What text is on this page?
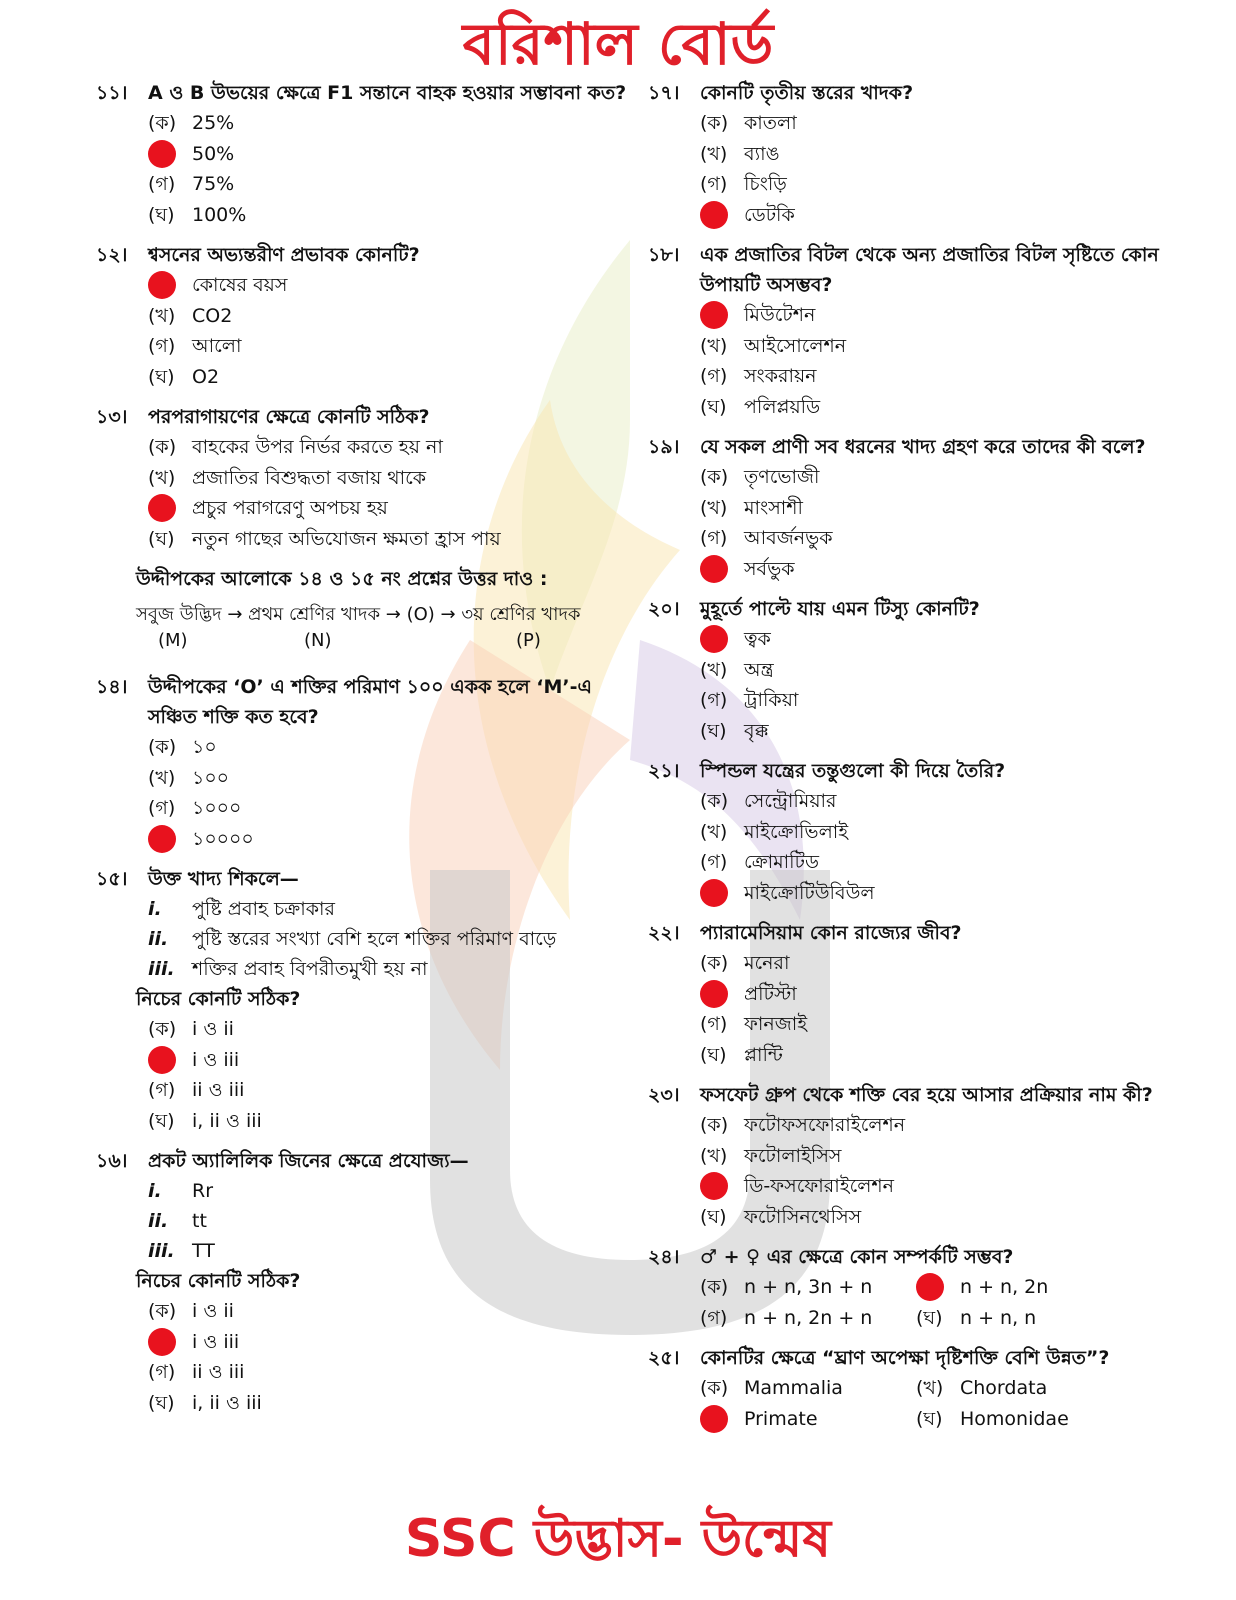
বরিশাল বোর্ড
১১।	A ও B উভয়ের ক্ষেত্রে F1 সন্তানে বাহক হওয়ার সম্ভাবনা কত?
(ক) 25%
50%
(গ) 75%
(ঘ) 100%
১২।	শ্বসনের অভ্যন্তরীণ প্রভাবক কোনটি?
কোষের বয়স
(খ) CO2
(গ) আলো
(ঘ) O2
১৩।	পরপরাগায়ণের ক্ষেত্রে কোনটি সঠিক?
(ক) বাহকের উপর নির্ভর করতে হয় না
(খ) প্রজাতির বিশুদ্ধতা বজায় থাকে
প্রচুর পরাগরেণু অপচয় হয়
(ঘ) নতুন গাছের অভিযোজন ক্ষমতা হ্রাস পায়
উদ্দীপকের আলোকে ১৪ ও ১৫ নং প্রশ্নের উত্তর দাও :
সবুজ উদ্ভিদ → প্রথম শ্রেণির খাদক → (O) → ৩য় শ্রেণির খাদক
(M)	(N)	(P)
১৪।	উদ্দীপকের ‘O’ এ শক্তির পরিমাণ ১০০ একক হলে ‘M’-এ সঞ্চিত শক্তি কত হবে?
(ক) ১০
(খ) ১০০
(গ) ১০০০
১০০০০
১৫।	উক্ত খাদ্য শিকলে—
i.	পুষ্টি প্রবাহ চক্রাকার
ii.	পুষ্টি স্তরের সংখ্যা বেশি হলে শক্তির পরিমাণ বাড়ে
iii. শক্তির প্রবাহ বিপরীতমুখী হয় না
নিচের কোনটি সঠিক?
(ক) i ও ii
i ও iii
(গ) ii ও iii
(ঘ) i, ii ও iii
১৬।	প্রকট অ্যালিলিক জিনের ক্ষেত্রে প্রযোজ্য—
i.	Rr
ii.	tt
iii. TT
নিচের কোনটি সঠিক?
(ক) i ও ii
i ও iii
(গ) ii ও iii
(ঘ) i, ii ও iii
১৭।	কোনটি তৃতীয় স্তরের খাদক?
(ক) কাতলা
(খ) ব্যাঙ
(গ) চিংড়ি
ডেটকি
১৮।	এক প্রজাতির বিটল থেকে অন্য প্রজাতির বিটল সৃষ্টিতে কোন উপায়টি অসম্ভব?
মিউটেশন
(খ) আইসোলেশন
(গ) সংকরায়ন
(ঘ) পলিপ্লয়ডি
১৯।	যে সকল প্রাণী সব ধরনের খাদ্য গ্রহণ করে তাদের কী বলে?
(ক) তৃণভোজী
(খ) মাংসাশী
(গ) আবর্জনভুক
সর্বভুক
২০।	মুহূর্তে পাল্টে যায় এমন টিস্যু কোনটি?
ত্বক
(খ) অন্ত্র
(গ) ট্রাকিয়া
(ঘ) বৃক্ক
২১।	স্পিন্ডল যন্ত্রের তন্তুগুলো কী দিয়ে তৈরি?
(ক) সেন্ট্রোমিয়ার
(খ) মাইক্রোভিলাই
(গ) ক্রোমাটিড
মাইক্রোটিউবিউল
২২।	প্যারামেসিয়াম কোন রাজ্যের জীব?
(ক) মনেরা
প্রটিস্টা
(গ) ফানজাই
(ঘ) প্লান্টি
২৩।	ফসফেট গ্রুপ থেকে শক্তি বের হয়ে আসার প্রক্রিয়ার নাম কী?
(ক) ফটোফসফোরাইলেশন
(খ) ফটোলাইসিস
ডি-ফসফোরাইলেশন
(ঘ) ফটোসিনথেসিস
২৪।	♂ + ♀ এর ক্ষেত্রে কোন সম্পর্কটি সম্ভব?
(ক) n + n, 3n + n	n + n, 2n
(গ) n + n, 2n + n (ঘ) n + n, n
২৫।	কোনটির ক্ষেত্রে “ঘ্রাণ অপেক্ষা দৃষ্টিশক্তি বেশি উন্নত”?
(ক) Mammalia	(খ) Chordata
Primate	(ঘ) Homonidae
SSC উদ্ভাস- উন্মেষ
